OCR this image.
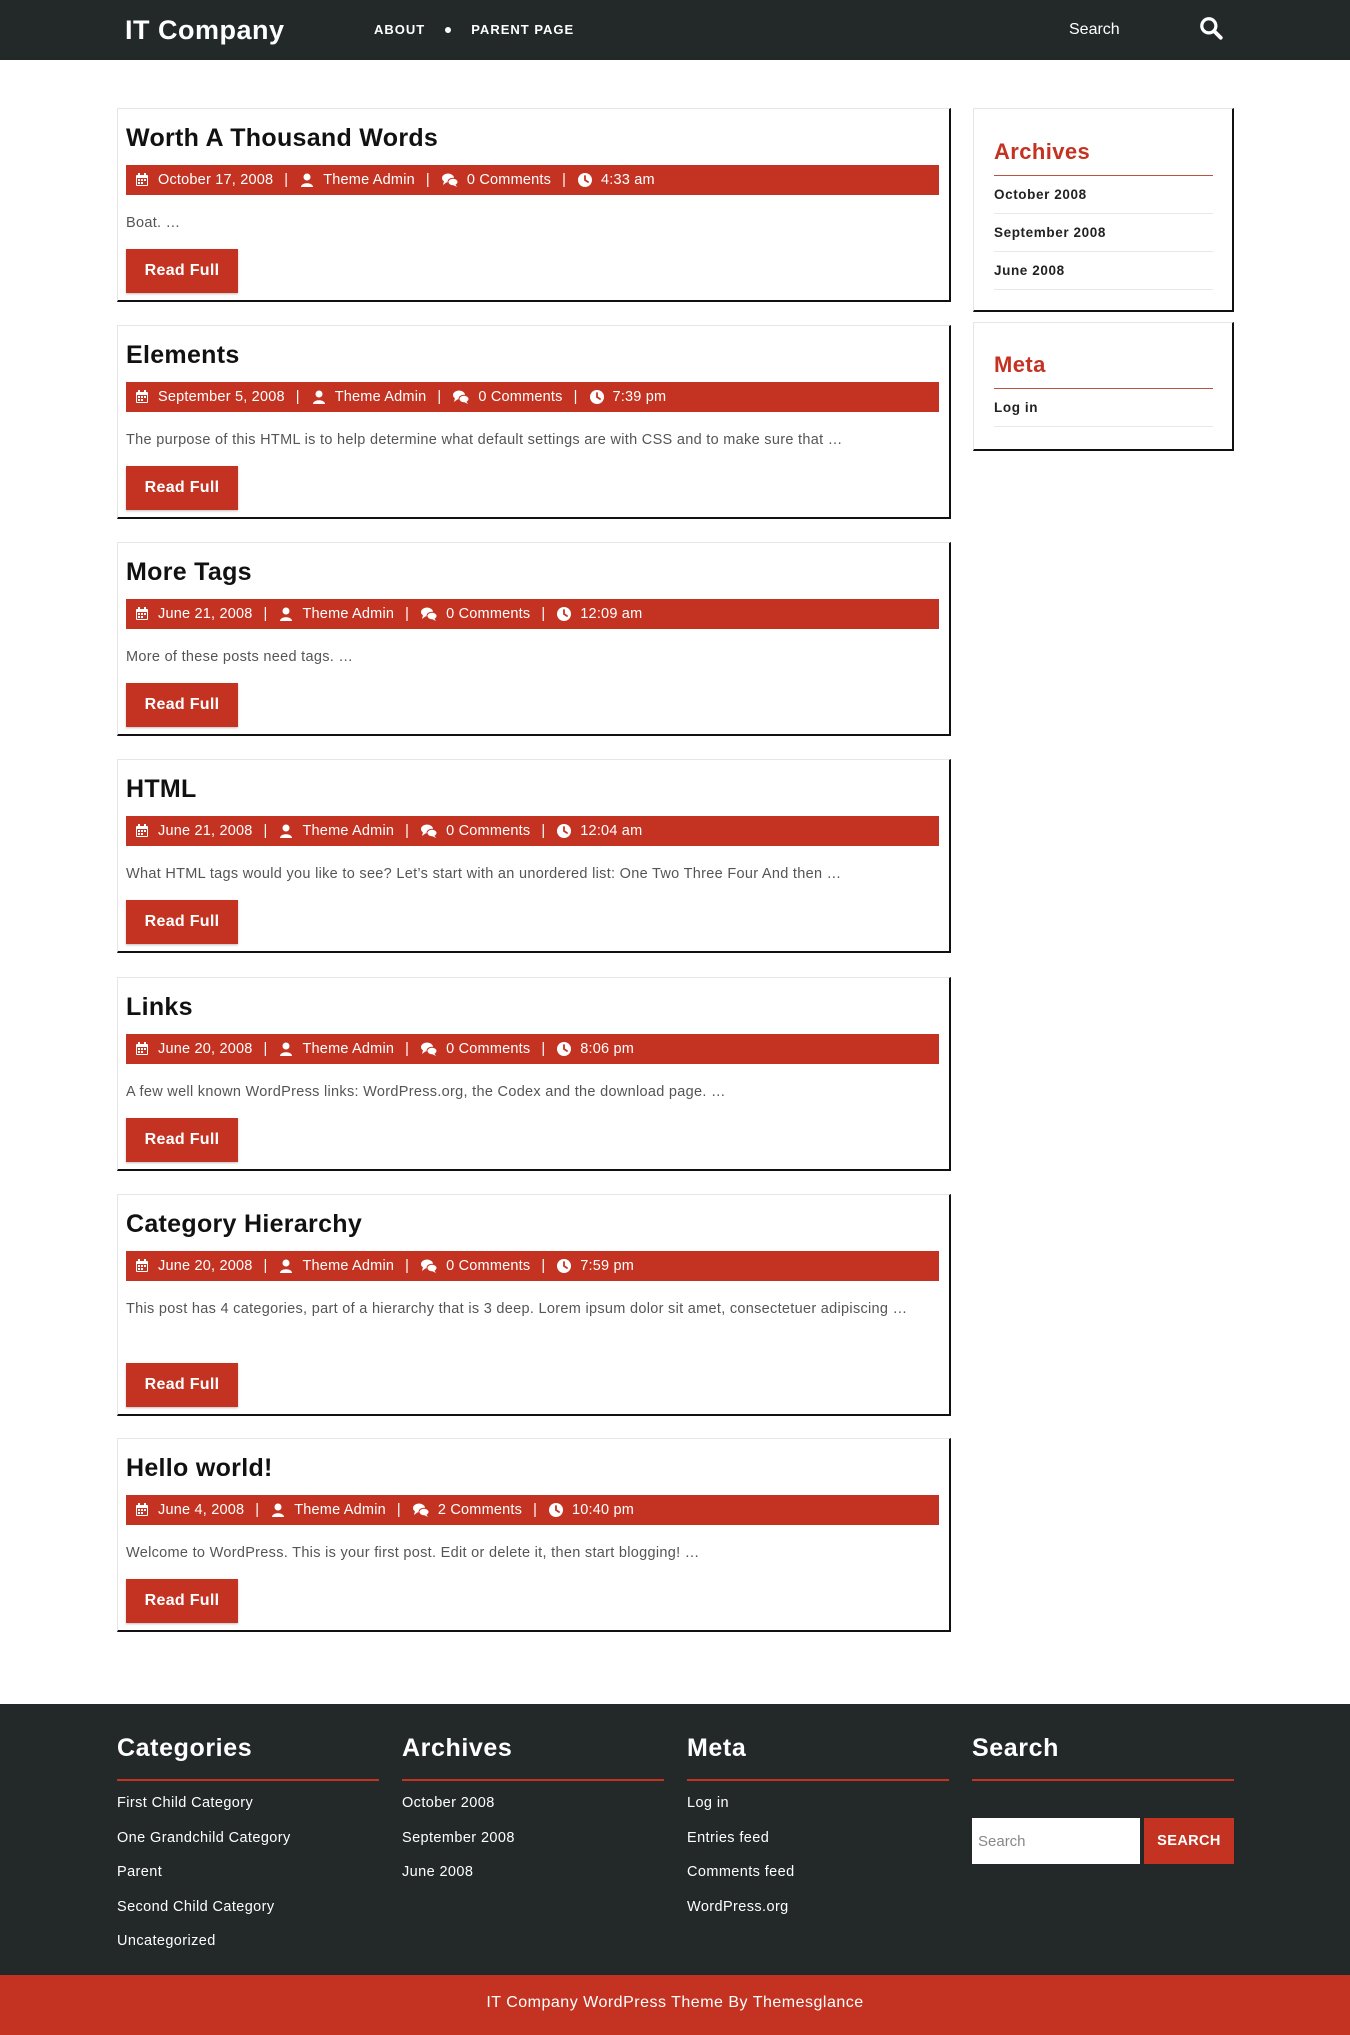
IT Company	ABOUT	PARENT PAGE
Search
Worth A Thousand Words
October 17, 2008 | Theme Admin |	0 Comments | 4:33 am
Boat. …
Read Full
Elements
September 5, 2008 | Theme Admin |	0 Comments | 7:39 pm
The purpose of this HTML is to help determine what default settings are with CSS and to make sure that …
Read Full
More Tags
June 21, 2008 | Theme Admin |	0 Comments | 12:09 am
More of these posts need tags. …
Read Full
HTML
June 21, 2008 | Theme Admin |	0 Comments | 12:04 am
What HTML tags would you like to see? Let’s start with an unordered list: One Two Three Four And then …
Read Full
Links
June 20, 2008 | Theme Admin |	0 Comments | 8:06 pm
A few well known WordPress links: WordPress.org, the Codex and the download page. …
Read Full
Category Hierarchy
June 20, 2008 | Theme Admin |	0 Comments | 7:59 pm
This post has 4 categories, part of a hierarchy that is 3 deep. Lorem ipsum dolor sit amet, consectetuer adipiscing …
Read Full
Hello world!
June 4, 2008 | Theme Admin |	2 Comments | 10:40 pm
Welcome to WordPress. This is your first post. Edit or delete it, then start blogging! …
Read Full
Archives
October 2008
September 2008
June 2008
Meta
Log in
Categories
First Child Category
One Grandchild Category
Parent
Second Child Category
Uncategorized
Archives
October 2008
September 2008
June 2008
Meta
Log in
Entries feed
Comments feed
WordPress.org
Search
Search
SEARCH
IT Company WordPress Theme By Themesglance
